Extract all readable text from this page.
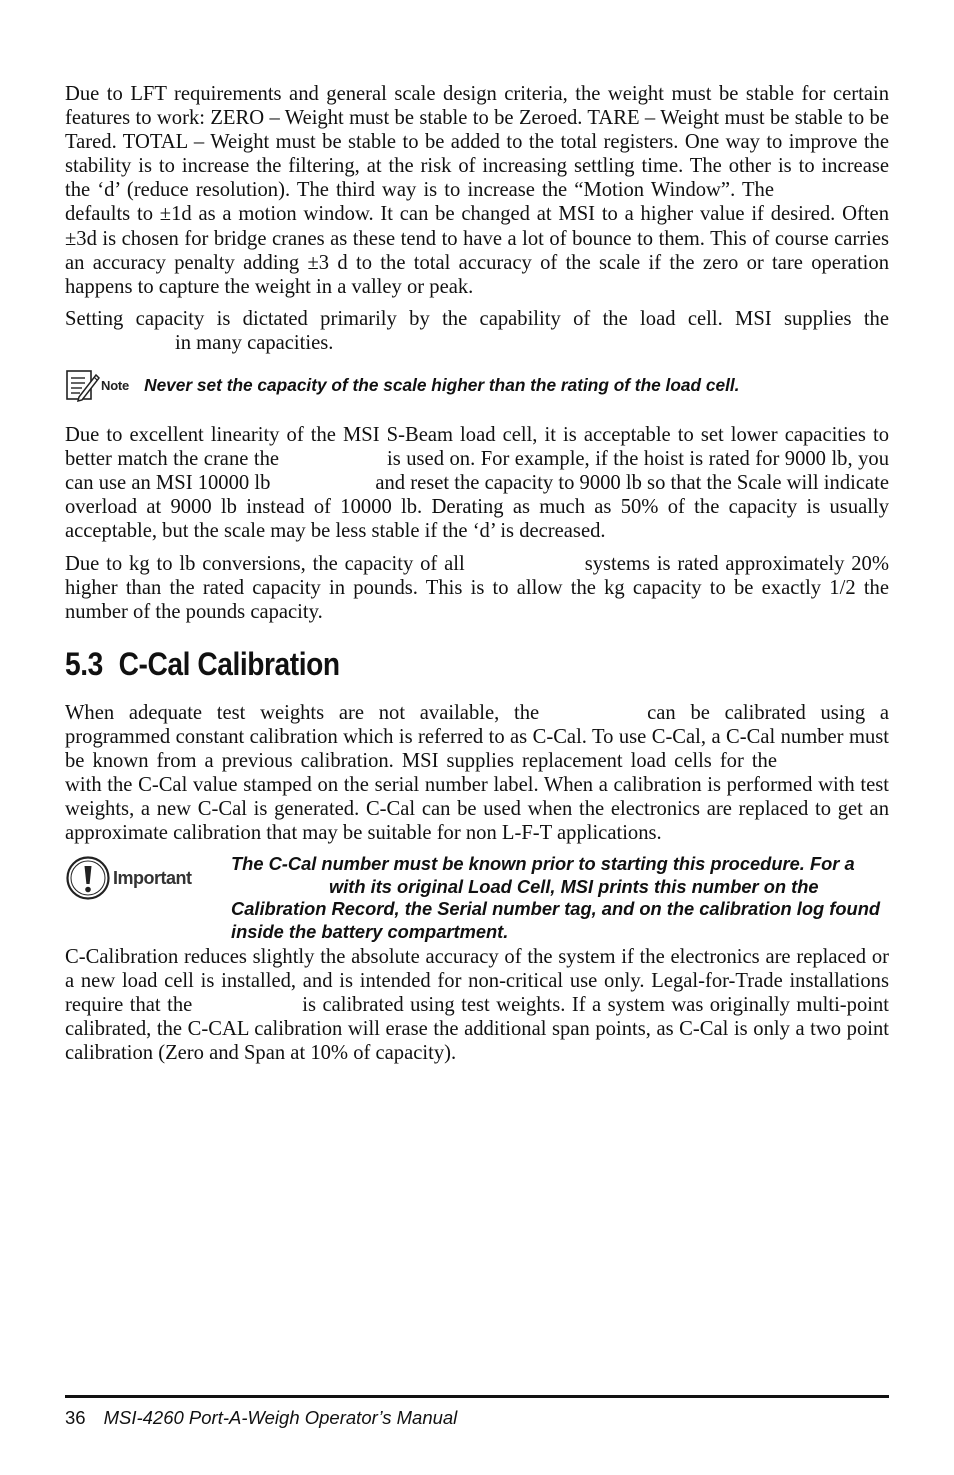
Due to LFT requirements and general scale design criteria, the weight must be stable for certain features to work: ZERO – Weight must be stable to be Zeroed. TARE – Weight must be stable to be Tared. TOTAL – Weight must be stable to be added to the total registers. One way to improve the stability is to increase the filtering, at the risk of increasing settling time. The other is to increase the ‘d’ (reduce resolution). The third way is to increase the “Motion Window”. Thedefaults to ±1d as a motion window. It can be changed at MSI to a higher value if desired. Often ±3d is chosen for bridge cranes as these tend to have a lot of bounce to them. This of course carries an accuracy penalty adding ±3 d to the total accuracy of the scale if the zero or tare operation happens to capture the weight in a valley or peak.

Setting capacity is dictated primarily by the capability of the load cell. MSI supplies thein many capacities.

Note Never set the capacity of the scale higher than the rating of the load cell.

Due to excellent linearity of the MSI S-Beam load cell, it is acceptable to set lower capacities to better match the crane the	is used on. For example, if the hoist is rated for 9000 lb, you can use an MSI 10000 lb	and reset the capacity to 9000 lb so that the Scale will indicate overload at 9000 lb instead of 10000 lb. Derating as much as 50% of the capacity is usually acceptable, but the scale may be less stable if the ‘d’ is decreased.

Due to kg to lb conversions, the capacity of all	systems is rated approximately 20% higher than the rated capacity in pounds. This is to allow the kg capacity to be exactly 1/2 the number of the pounds capacity.

5.3 C-Cal Calibration

When adequate test weights are not available, the	can be calibrated using a programmed constant calibration which is referred to as C-Cal. To use C-Cal, a C-Cal number must be known from a previous calibration. MSI supplies replacement load cells for thewith the C-Cal value stamped on the serial number label. When a calibration is performed with test weights, a new C-Cal is generated. C-Cal can be used when the electronics are replaced to get an approximate calibration that may be suitable for non L-F-T applications.

Important
The C-Cal number must be known prior to starting this procedure. For awith its original Load Cell, MSI prints this number on the Calibration Record, the Serial number tag, and on the calibration log found inside the battery compartment.

C-Calibration reduces slightly the absolute accuracy of the system if the electronics are replaced or a new load cell is installed, and is intended for non-critical use only. Legal-for-Trade installations require that the	is calibrated using test weights. If a system was originally multi-point calibrated, the C-CAL calibration will erase the additional span points, as C-Cal is only a two point calibration (Zero and Span at 10% of capacity).

36 MSI-4260 Port-A-Weigh Operator’s Manual
